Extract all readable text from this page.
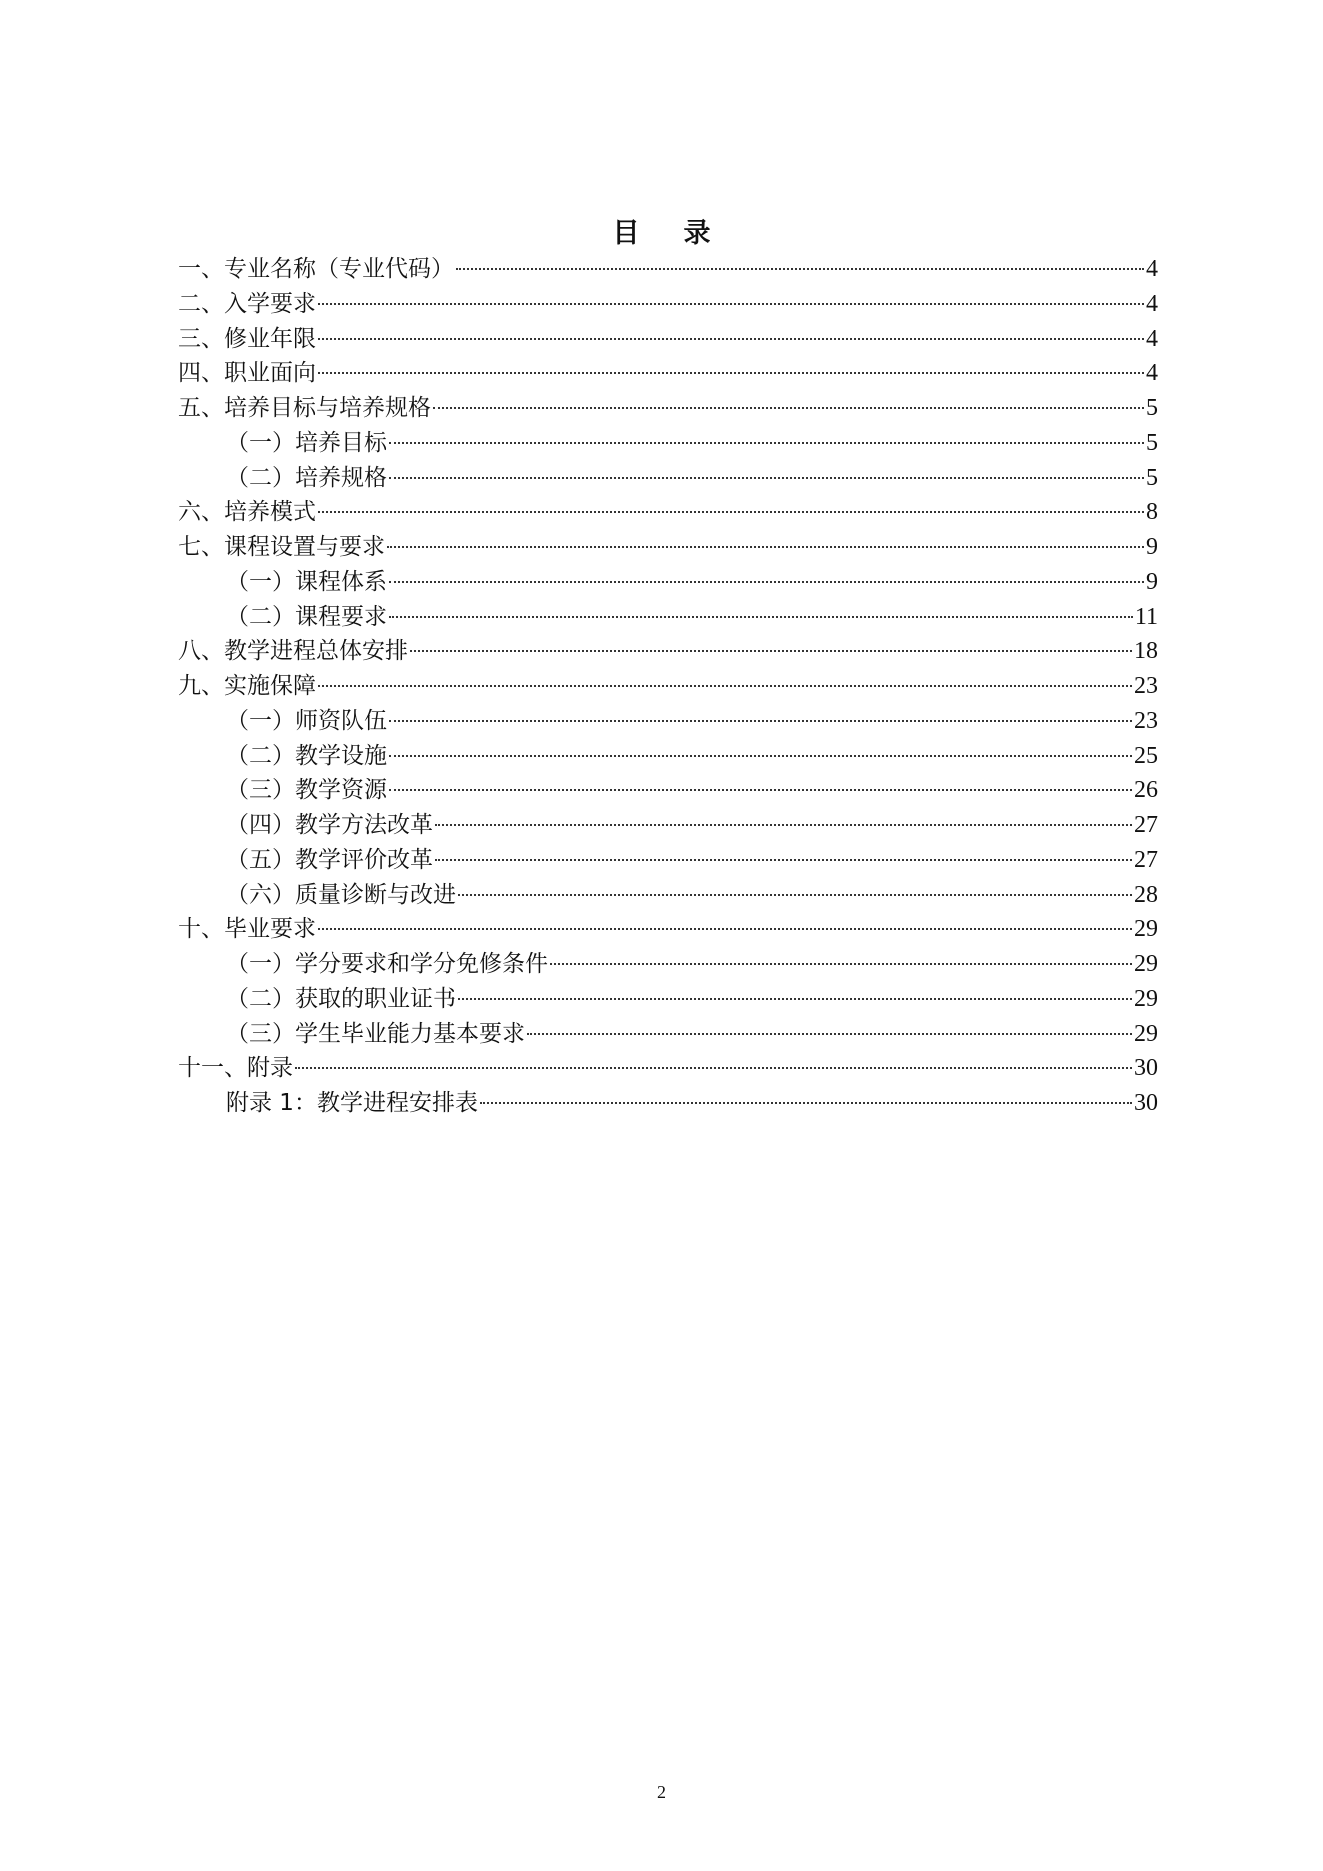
目 录
一、专业名称（专业代码）	4
二、入学要求	4
三、修业年限	4
四、职业面向	4
五、培养目标与培养规格	5
（一）培养目标	5
（二）培养规格	5
六、培养模式	8
七、课程设置与要求	9
（一）课程体系	9
（二）课程要求	11
八、教学进程总体安排	18
九、实施保障	23
（一）师资队伍	23
（二）教学设施	25
（三）教学资源	26
（四）教学方法改革	27
（五）教学评价改革	27
（六）质量诊断与改进	28
十、毕业要求	29
（一）学分要求和学分免修条件	29
（二）获取的职业证书	29
（三）学生毕业能力基本要求	29
十一、附录	30
附录 1：教学进程安排表	30
2
